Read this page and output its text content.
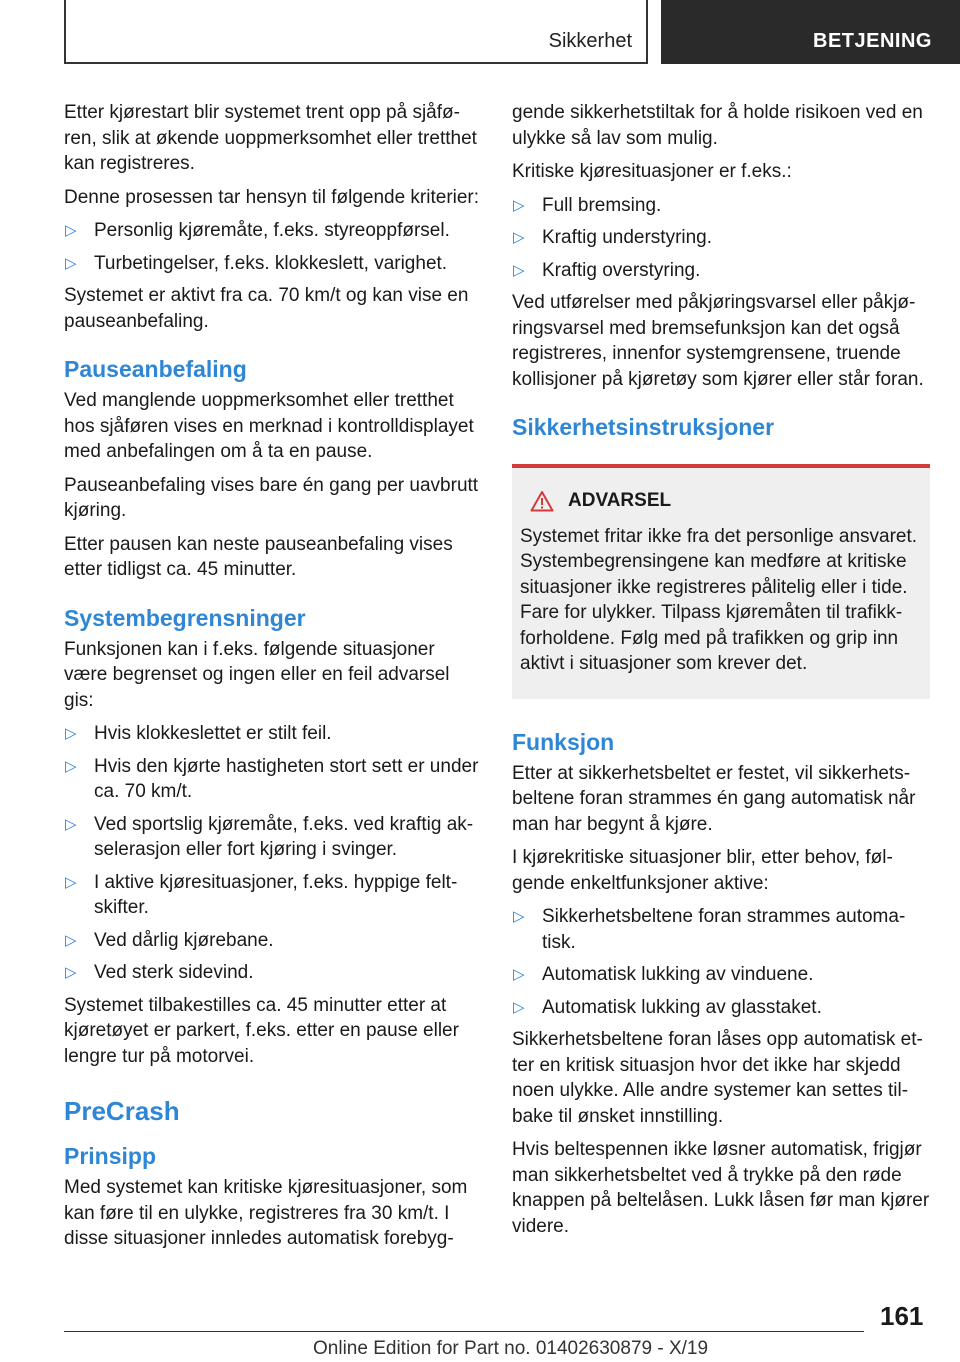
Sikkerhet	BETJENING

Etter kjørestart blir systemet trent opp på sjåføren, slik at økende uoppmerksomhet eller tretthet kan registreres.

Denne prosessen tar hensyn til følgende kriterier:

▷ Personlig kjøremåte, f.eks. styreoppførsel.
▷ Turbetingelser, f.eks. klokkeslett, varighet.

Systemet er aktivt fra ca. 70 km/t og kan vise en pauseanbefaling.

Pauseanbefaling

Ved manglende uoppmerksomhet eller tretthet hos sjåføren vises en merknad i kontrolldisplayet med anbefalingen om å ta en pause.

Pauseanbefaling vises bare én gang per uavbrutt kjøring.

Etter pausen kan neste pauseanbefaling vises etter tidligst ca. 45 minutter.

Systembegrensninger

Funksjonen kan i f.eks. følgende situasjoner være begrenset og ingen eller en feil advarsel gis:

▷ Hvis klokkeslettet er stilt feil.
▷ Hvis den kjørte hastigheten stort sett er under ca. 70 km/t.
▷ Ved sportslig kjøremåte, f.eks. ved kraftig akselerasjon eller fort kjøring i svinger.
▷ I aktive kjøresituasjoner, f.eks. hyppige feltskifter.
▷ Ved dårlig kjørebane.
▷ Ved sterk sidevind.

Systemet tilbakestilles ca. 45 minutter etter at kjøretøyet er parkert, f.eks. etter en pause eller lengre tur på motorvei.

PreCrash
Prinsipp

Med systemet kan kritiske kjøresituasjoner, som kan føre til en ulykke, registreres fra 30 km/t. I disse situasjoner innledes automatisk forebyg-

gende sikkerhetstiltak for å holde risikoen ved en ulykke så lav som mulig.

Kritiske kjøresituasjoner er f.eks.:

▷ Full bremsing.
▷ Kraftig understyring.
▷ Kraftig overstyring.

Ved utførelser med påkjøringsvarsel eller påkjøringsvarsel med bremsefunksjon kan det også registreres, innenfor systemgrensene, truende kollisjoner på kjøretøy som kjører eller står foran.

Sikkerhetsinstruksjoner
ADVARSEL

Systemet fritar ikke fra det personlige ansvaret. Systembegrensingene kan medføre at kritiske situasjoner ikke registreres pålitelig eller i tide. Fare for ulykker. Tilpass kjøremåten til trafikkforholdene. Følg med på trafikken og grip inn aktivt i situasjoner som krever det.

Funksjon

Etter at sikkerhetsbeltet er festet, vil sikkerhetsbeltene foran strammes én gang automatisk når man har begynt å kjøre.

I kjørekritiske situasjoner blir, etter behov, følgende enkeltfunksjoner aktive:

▷ Sikkerhetsbeltene foran strammes automatisk.
▷ Automatisk lukking av vinduene.
▷ Automatisk lukking av glasstaket.

Sikkerhetsbeltene foran låses opp automatisk etter en kritisk situasjon hvor det ikke har skjedd noen ulykke. Alle andre systemer kan settes tilbake til ønsket innstilling.

Hvis beltespennen ikke løsner automatisk, frigjør man sikkerhetsbeltet ved å trykke på den røde knappen på beltelåsen. Lukk låsen før man kjører videre.

161
Online Edition for Part no. 01402630879 - X/19
